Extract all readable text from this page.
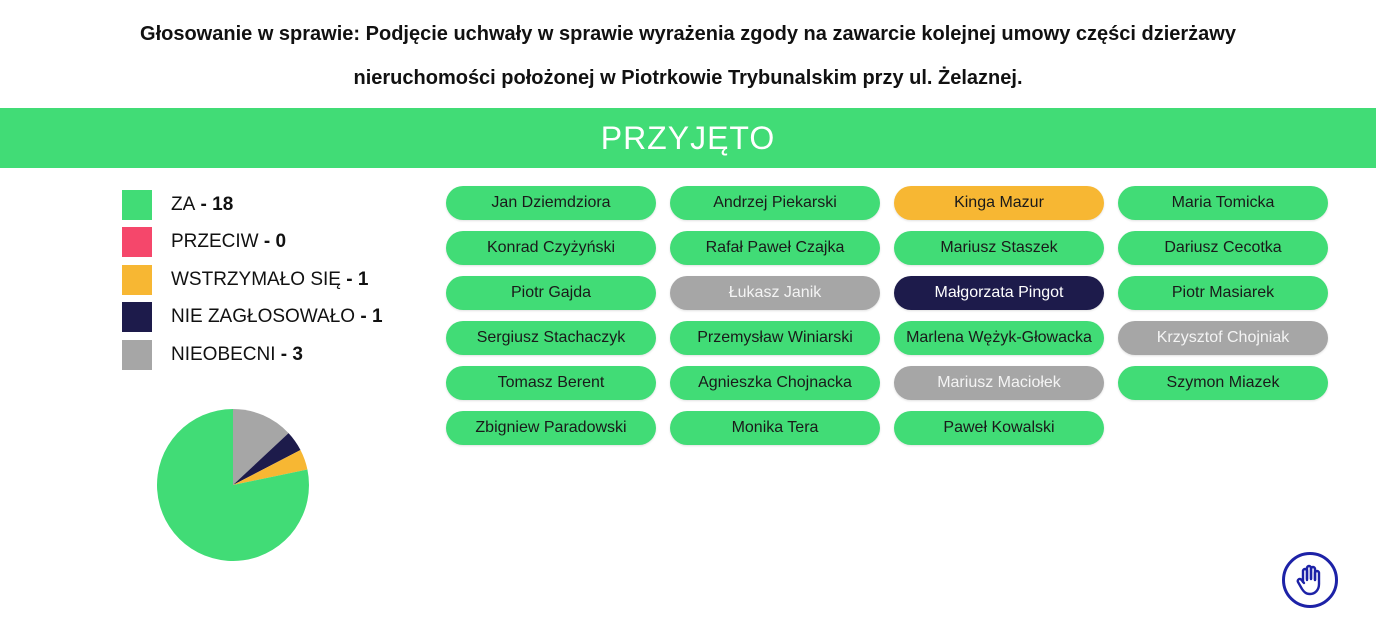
Głosowanie w sprawie: Podjęcie uchwały w sprawie wyrażenia zgody na zawarcie kolejnej umowy części dzierżawy
nieruchomości położonej w Piotrkowie Trybunalskim przy ul. Żelaznej.
PRZYJĘTO
ZA - 18
PRZECIW - 0
WSTRZYMAŁO SIĘ - 1
NIE ZAGŁOSOWAŁO - 1
NIEOBECNI - 3
Jan Dziemdziora	Andrzej Piekarski	Kinga Mazur	Maria Tomicka
Konrad Czyżyński	Rafał Paweł Czajka	Mariusz Staszek	Dariusz Cecotka
Piotr Gajda	Łukasz Janik	Małgorzata Pingot	Piotr Masiarek
Sergiusz Stachaczyk	Przemysław Winiarski	Marlena Wężyk-Głowacka	Krzysztof Chojniak
Tomasz Berent	Agnieszka Chojnacka	Mariusz Maciołek	Szymon Miazek
Zbigniew Paradowski	Monika Tera	Paweł Kowalski
